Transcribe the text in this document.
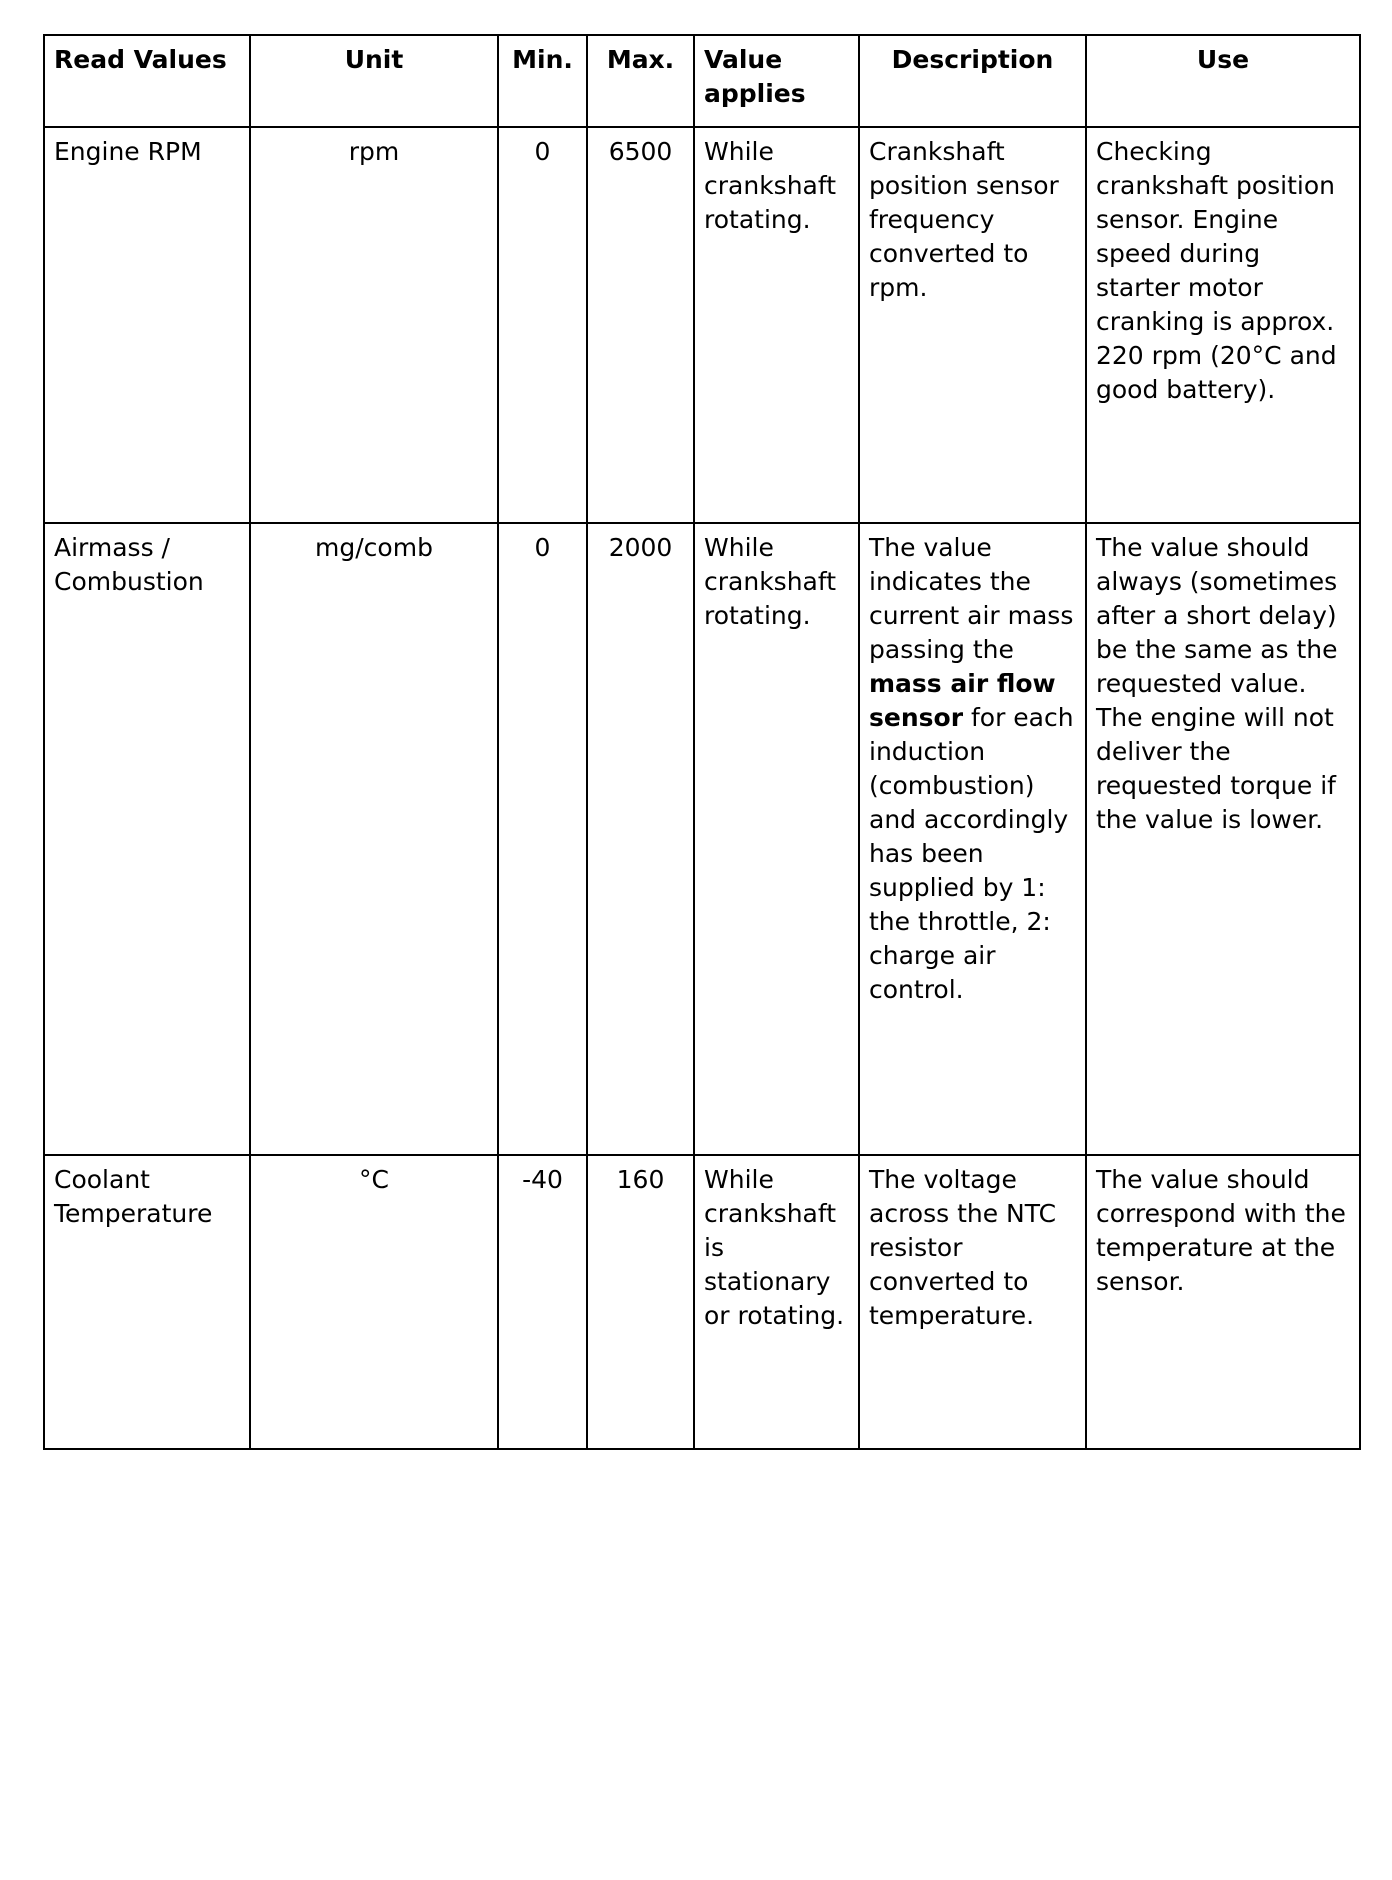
Read Values	Unit	Min.	Max.	Value applies	Description	Use
Engine RPM	rpm	0	6500	While crankshaft rotating.	Crankshaft position sensor frequency converted to rpm.	Checking crankshaft position sensor. Engine speed during starter motor cranking is approx. 220 rpm (20°C and good battery).
Airmass / Combustion	mg/comb	0	2000	While crankshaft rotating.	The value indicates the current air mass passing the mass air flow sensor for each induction (combustion) and accordingly has been supplied by 1: the throttle, 2: charge air control.	The value should always (sometimes after a short delay) be the same as the requested value. The engine will not deliver the requested torque if the value is lower.
Coolant Temperature	°C	-40	160	While crankshaft is stationary or rotating.	The voltage across the NTC resistor converted to temperature.	The value should correspond with the temperature at the sensor.
